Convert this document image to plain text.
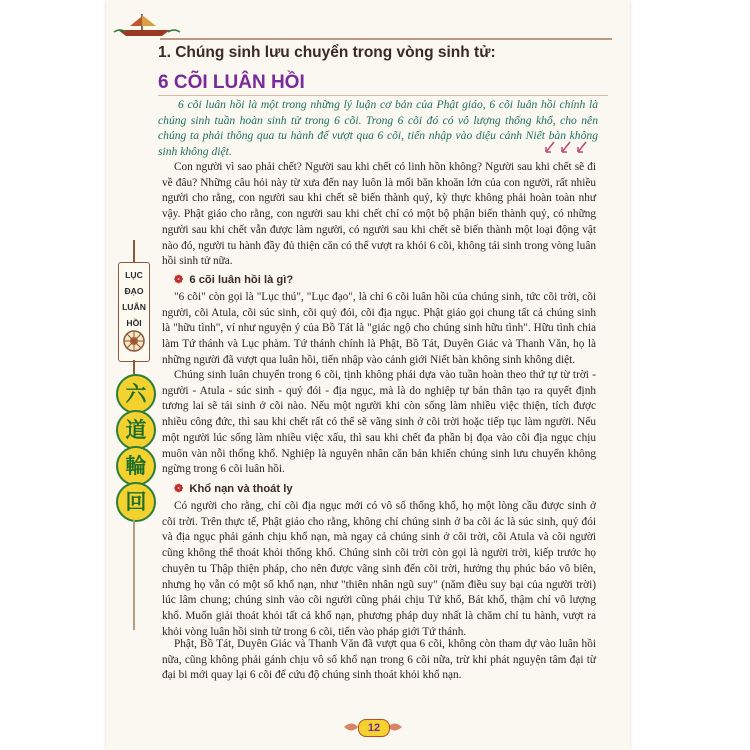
1. Chúng sinh lưu chuyển trong vòng sinh tử:
6 CÕI LUÂN HỒI

6 cõi luân hồi là một trong những lý luận cơ bản của Phật giáo, 6 cõi luân hồi chính là chúng sinh tuần hoàn sinh tử trong 6 cõi. Trong 6 cõi đó có vô lượng thống khổ, cho nên chúng ta phải thông qua tu hành để vượt qua 6 cõi, tiến nhập vào diệu cảnh Niết bàn không sinh không diệt.

Con người vì sao phải chết? Người sau khi chết có linh hồn không? Người sau khi chết sẽ đi về đâu? Những câu hỏi này từ xưa đến nay luôn là mối băn khoăn lớn của con người, rất nhiều người cho rằng, con người sau khi chết sẽ biến thành quỷ, kỳ thực không phải hoàn toàn như vậy. Phật giáo cho rằng, con người sau khi chết chỉ có một bộ phận biến thành quỷ, có những người sau khi chết vẫn được làm người, có người sau khi chết sẽ biến thành một loại động vật nào đó, người tu hành đầy đủ thiện căn có thể vượt ra khỏi 6 cõi, không tái sinh trong vòng luân hồi sinh tử nữa.

❁ 6 cõi luân hồi là gì?

"6 cõi" còn gọi là "Lục thú", "Lục đạo", là chỉ 6 cõi luân hồi của chúng sinh, tức cõi trời, cõi người, cõi Atula, cõi súc sinh, cõi quỷ đói, cõi địa ngục. Phật giáo gọi chung tất cả chúng sinh là "hữu tình", ví như nguyện ý của Bồ Tát là "giác ngộ cho chúng sinh hữu tình". Hữu tình chia làm Tứ thánh và Lục phàm. Tứ thánh chính là Phật, Bồ Tát, Duyên Giác và Thanh Văn, họ là những người đã vượt qua luân hồi, tiến nhập vào cảnh giới Niết bàn không sinh không diệt.

Chúng sinh luân chuyển trong 6 cõi, tịnh không phải dựa vào tuần hoàn theo thứ tự từ trời - người - Atula - súc sinh - quỷ đói - địa ngục, mà là do nghiệp tự bản thân tạo ra quyết định tương lai sẽ tái sinh ở cõi nào. Nếu một người khi còn sống làm nhiều việc thiện, tích được nhiều công đức, thì sau khi chết rất có thể sẽ vãng sinh ở cõi trời hoặc tiếp tục làm người. Nếu một người lúc sống làm nhiều việc xấu, thì sau khi chết đa phần bị đọa vào cõi địa ngục chịu muôn vàn nỗi thống khổ. Nghiệp là nguyên nhân căn bản khiến chúng sinh lưu chuyển không ngừng trong 6 cõi luân hồi.

❁ Khổ nạn và thoát ly

Có người cho rằng, chỉ cõi địa ngục mới có vô số thống khổ, họ một lòng cầu được sinh ở cõi trời. Trên thực tế, Phật giáo cho rằng, không chỉ chúng sinh ở ba cõi ác là súc sinh, quỷ đói và địa ngục phải gánh chịu khổ nạn, mà ngay cả chúng sinh ở cõi trời, cõi Atula và cõi người cũng không thể thoát khỏi thống khổ. Chúng sinh cõi trời còn gọi là người trời, kiếp trước họ chuyên tu Thập thiện pháp, cho nên được vãng sinh đến cõi trời, hưởng thụ phúc báo vô biên, nhưng họ vẫn có một số khổ nạn, như "thiên nhân ngũ suy" (năm điều suy bại của người trời) lúc lâm chung; chúng sinh vào cõi người cũng phải chịu Tứ khổ, Bát khổ, thậm chí vô lượng khổ. Muốn giải thoát khỏi tất cả khổ nạn, phương pháp duy nhất là chăm chỉ tu hành, vượt ra khỏi vòng luân hồi sinh tử trong 6 cõi, tiến vào pháp giới Tứ thánh.

Phật, Bồ Tát, Duyên Giác và Thanh Văn đã vượt qua 6 cõi, không còn tham dự vào luân hồi nữa, cũng không phải gánh chịu vô số khổ nạn trong 6 cõi nữa, trừ khi phát nguyện tâm đại từ đại bi mới quay lại 6 cõi để cứu độ chúng sinh thoát khỏi khổ nạn.

LỤC
ĐẠO
LUÂN
HỒI
六
道
輪
回
12
